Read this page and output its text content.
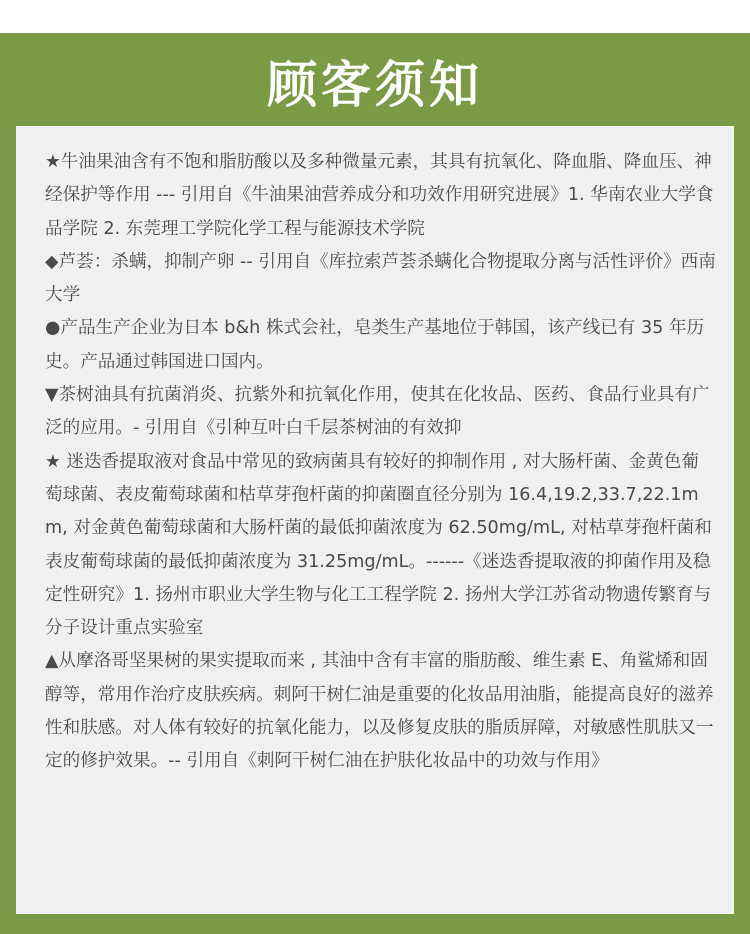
顾客须知

★牛油果油含有不饱和脂肪酸以及多种微量元素，其具有抗氧化、降血脂、降血压、神经保护等作用 --- 引用自《牛油果油营养成分和功效作用研究进展》1. 华南农业大学食品学院 2. 东莞理工学院化学工程与能源技术学院

◆芦荟：杀螨，抑制产卵 -- 引用自《库拉索芦荟杀螨化合物提取分离与活性评价》西南大学

●产品生产企业为日本 b&h 株式会社，皂类生产基地位于韩国，该产线已有 35 年历史。产品通过韩国进口国内。

▼茶树油具有抗菌消炎、抗紫外和抗氧化作用，使其在化妆品、医药、食品行业具有广泛的应用。- 引用自《引种互叶白千层茶树油的有效抑

★ 迷迭香提取液对食品中常见的致病菌具有较好的抑制作用 , 对大肠杆菌、金黄色葡萄球菌、表皮葡萄球菌和枯草芽孢杆菌的抑菌圈直径分别为 16.4,19.2,33.7,22.1mm, 对金黄色葡萄球菌和大肠杆菌的最低抑菌浓度为 62.50mg/mL, 对枯草芽孢杆菌和表皮葡萄球菌的最低抑菌浓度为 31.25mg/mL。------《迷迭香提取液的抑菌作用及稳定性研究》1. 扬州市职业大学生物与化工工程学院 2. 扬州大学江苏省动物遗传繁育与分子设计重点实验室

▲从摩洛哥坚果树的果实提取而来 , 其油中含有丰富的脂肪酸、维生素 E、角鲨烯和固醇等，常用作治疗皮肤疾病。刺阿干树仁油是重要的化妆品用油脂，能提高良好的滋养性和肤感。对人体有较好的抗氧化能力，以及修复皮肤的脂质屏障，对敏感性肌肤又一定的修护效果。-- 引用自《刺阿干树仁油在护肤化妆品中的功效与作用》
